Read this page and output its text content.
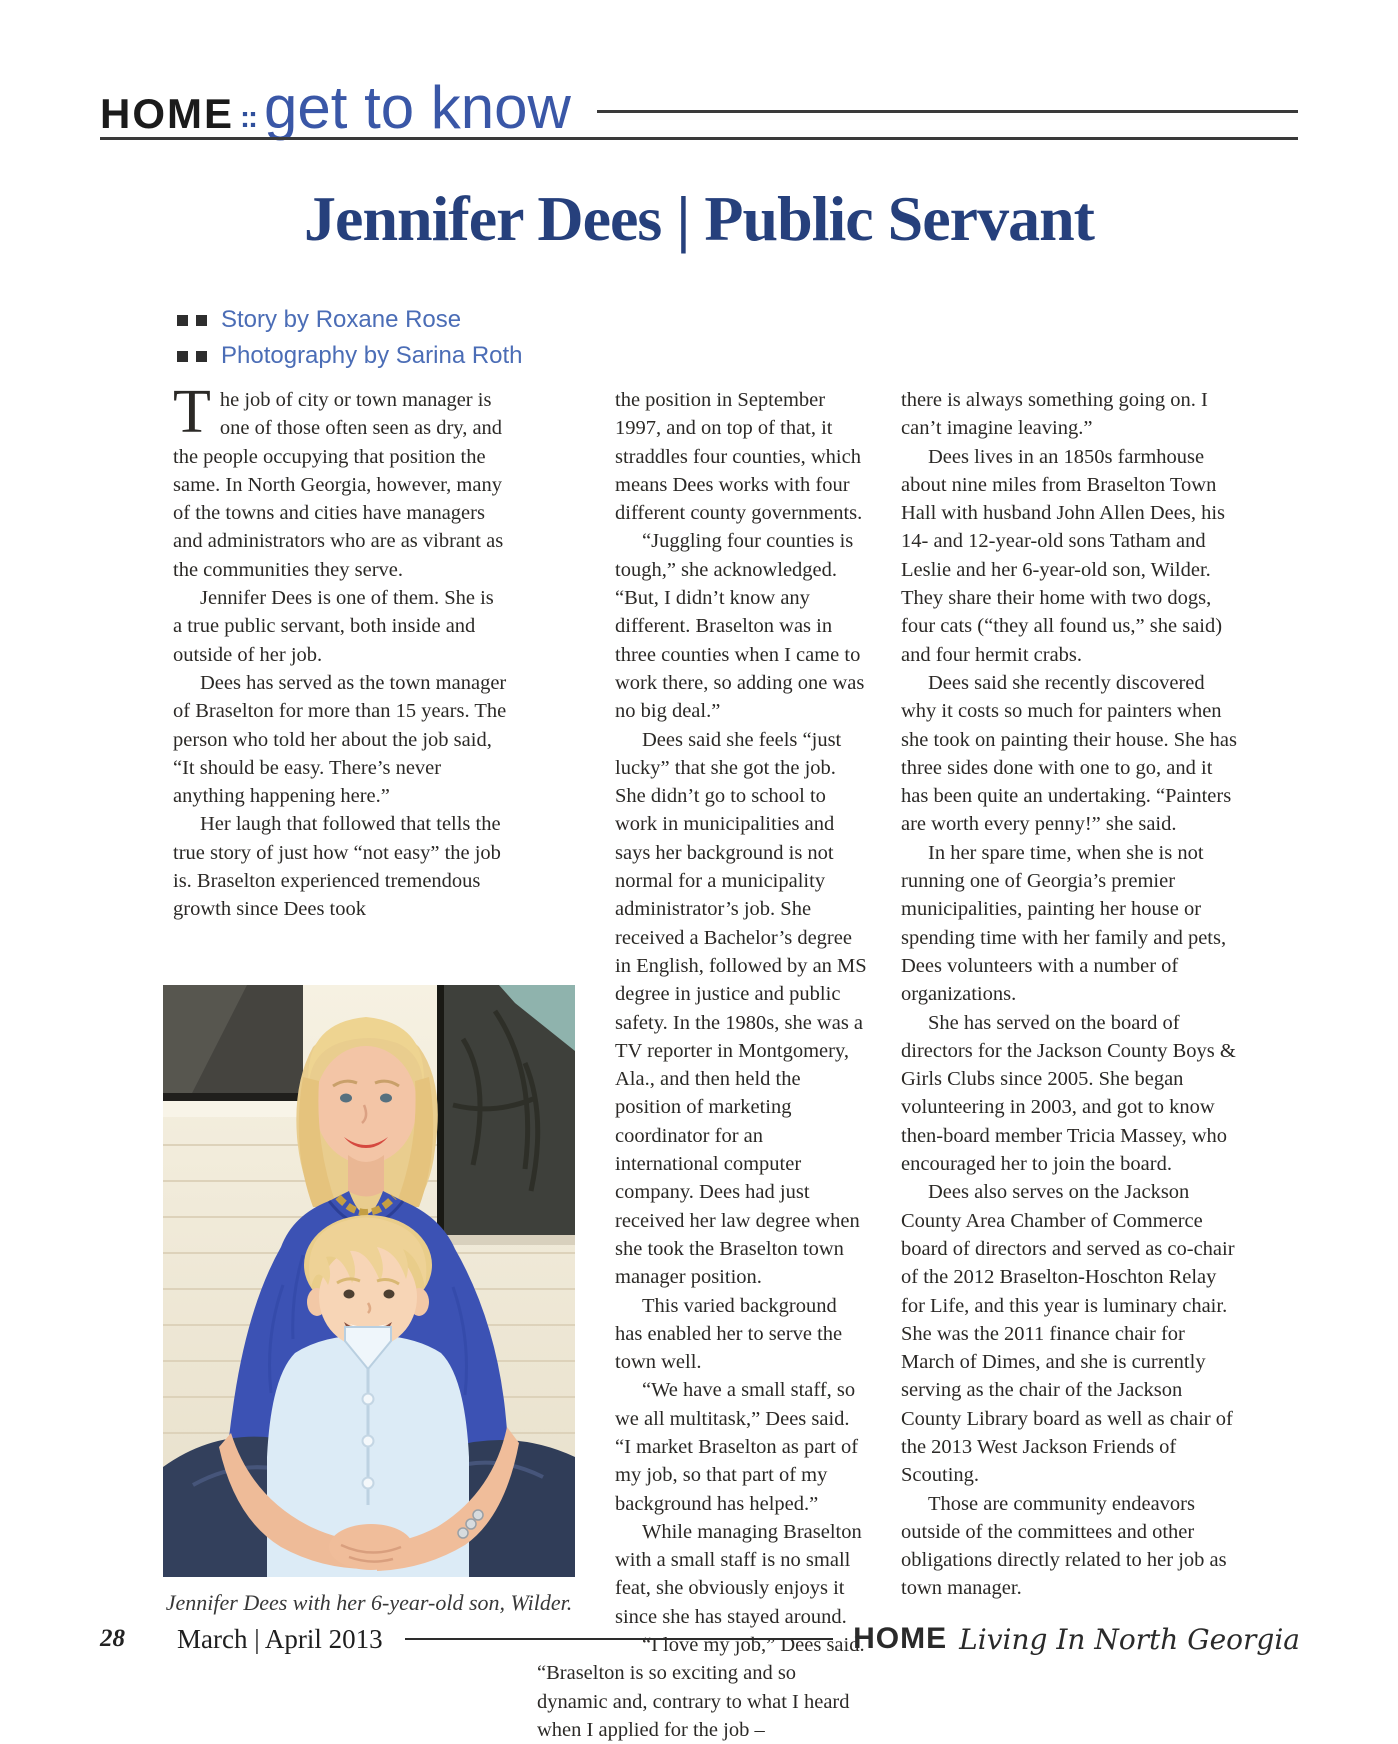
HOME :: get to know
Jennifer Dees | Public Servant
Story by Roxane Rose
Photography by Sarina Roth

The job of city or town manager is one of those often seen as dry, and the people occupying that position the same. In North Georgia, however, many of the towns and cities have managers and administrators who are as vibrant as the communities they serve.

Jennifer Dees is one of them. She is a true public servant, both inside and outside of her job.

Dees has served as the town manager of Braselton for more than 15 years. The person who told her about the job said, “It should be easy. There’s never anything happening here.”

Her laugh that followed that tells the true story of just how “not easy” the job is. Braselton experienced tremendous growth since Dees took

the position in September 1997, and on top of that, it straddles four counties, which means Dees works with four different county governments.

“Juggling four counties is tough,” she acknowledged. “But, I didn’t know any different. Braselton was in three counties when I came to work there, so adding one was no big deal.”

Dees said she feels “just lucky” that she got the job. She didn’t go to school to work in municipalities and says her background is not normal for a municipality administrator’s job. She received a Bachelor’s degree in English, followed by an MS degree in justice and public safety. In the 1980s, she was a TV reporter in Montgomery, Ala., and then held the position of marketing coordinator for an international computer company. Dees had just received her law degree when she took the Braselton town manager position.

This varied background has enabled her to serve the town well.

“We have a small staff, so we all multitask,” Dees said. “I market Braselton as part of my job, so that part of my background has helped.”

While managing Braselton with a small staff is no small feat, she obviously enjoys it since she has stayed around.

“I love my job,” Dees said. “Braselton is so exciting and so dynamic and, contrary to what I heard when I applied for the job –

there is always something going on. I can’t imagine leaving.”

Dees lives in an 1850s farmhouse about nine miles from Braselton Town Hall with husband John Allen Dees, his 14- and 12-year-old sons Tatham and Leslie and her 6-year-old son, Wilder. They share their home with two dogs, four cats (“they all found us,” she said) and four hermit crabs.

Dees said she recently discovered why it costs so much for painters when she took on painting their house. She has three sides done with one to go, and it has been quite an undertaking. “Painters are worth every penny!” she said.

In her spare time, when she is not running one of Georgia’s premier municipalities, painting her house or spending time with her family and pets, Dees volunteers with a number of organizations.

She has served on the board of directors for the Jackson County Boys & Girls Clubs since 2005. She began volunteering in 2003, and got to know then-board member Tricia Massey, who encouraged her to join the board.

Dees also serves on the Jackson County Area Chamber of Commerce board of directors and served as co-chair of the 2012 Braselton-Hoschton Relay for Life, and this year is luminary chair. She was the 2011 finance chair for March of Dimes, and she is currently serving as the chair of the Jackson County Library board as well as chair of the 2013 West Jackson Friends of Scouting.

Those are community endeavors outside of the committees and other obligations directly related to her job as town manager.

Jennifer Dees with her 6-year-old son, Wilder.
28 March | April 2013	HOME Living In North Georgia
